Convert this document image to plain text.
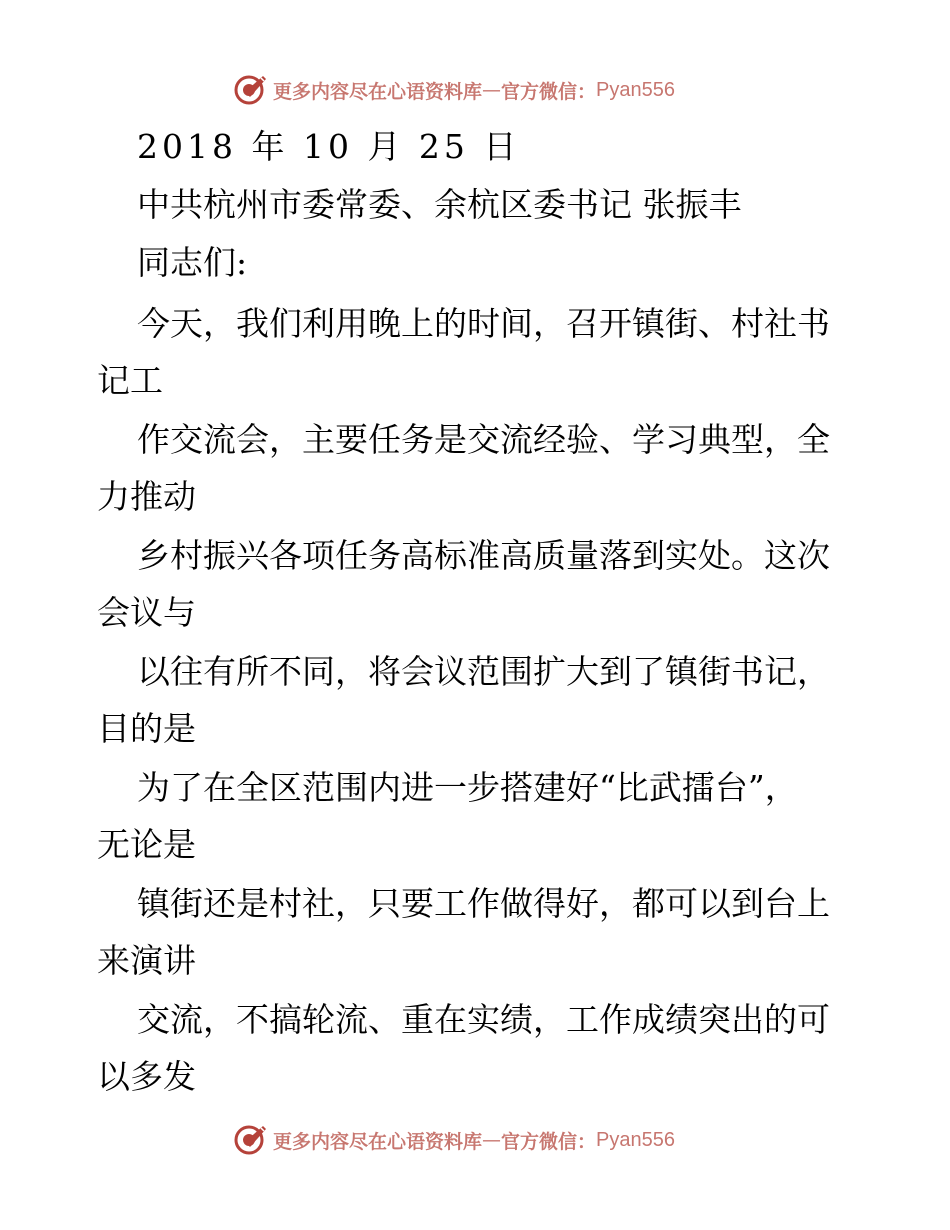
更多内容尽在心语资料库 — 官方微信： Pyan556
2018 年 10 月 25 日
中共杭州市委常委、余杭区委书记 张振丰
同志们:
今天，我们利用晚上的时间，召开镇街、村社书
记工
作交流会，主要任务是交流经验、学习典型，全
力推动
乡村振兴各项任务高标准高质量落到实处。这次
会议与
以往有所不同，将会议范围扩大到了镇街书记，
目的是
为了在全区范围内进一步搭建好“比武擂台”，
无论是
镇街还是村社，只要工作做得好，都可以到台上
来演讲
交流，不搞轮流、重在实绩，工作成绩突出的可
以多发
更多内容尽在心语资料库 — 官方微信： Pyan556
